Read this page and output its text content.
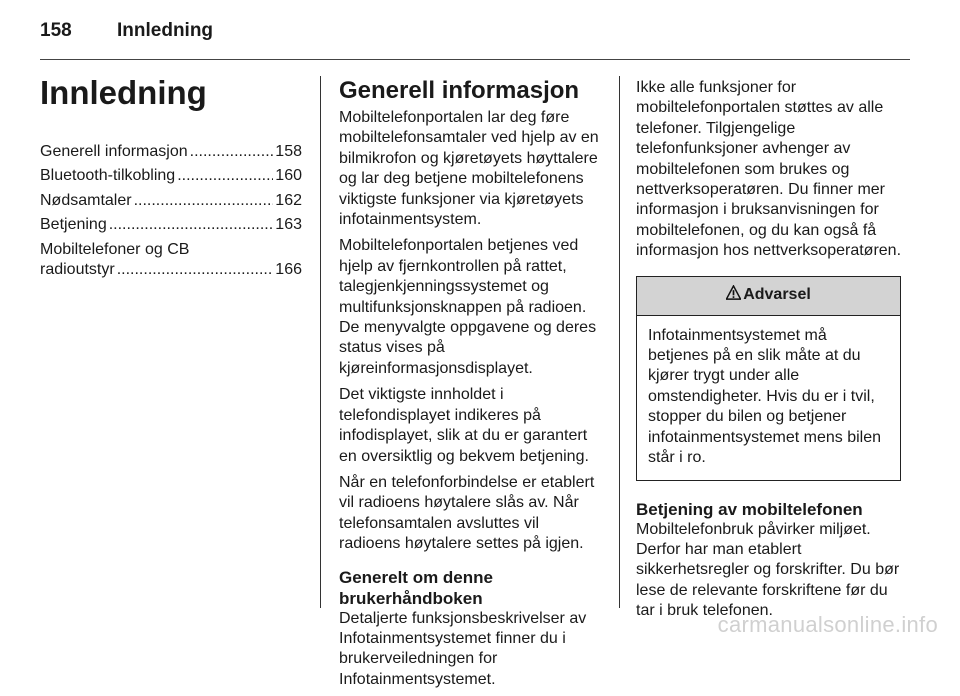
158 Innledning
Innledning
Generell informasjon .....	158
Bluetooth-tilkobling .....	160
Nødsamtaler .....	162
Betjening .....	163
Mobiltelefoner og CB
radioutstyr .....	166
Generell informasjon

Mobiltelefonportalen lar deg føre mobiltelefonsamtaler ved hjelp av en bilmikrofon og kjøretøyets høyttalere og lar deg betjene mobiltelefonens viktigste funksjoner via kjøretøyets infotainmentsystem.

Mobiltelefonportalen betjenes ved hjelp av fjernkontrollen på rattet, talegjenkjenningssystemet og multifunksjonsknappen på radioen. De menyvalgte oppgavene og deres status vises på kjøreinformasjonsdisplayet.

Det viktigste innholdet i telefondisplayet indikeres på infodisplayet, slik at du er garantert en oversiktlig og bekvem betjening.

Når en telefonforbindelse er etablert vil radioens høytalere slås av. Når telefonsamtalen avsluttes vil radioens høytalere settes på igjen.

Generelt om denne brukerhåndboken

Detaljerte funksjonsbeskrivelser av Infotainmentsystemet finner du i brukerveiledningen for Infotainmentsystemet.

Ikke alle funksjoner for mobiltelefonportalen støttes av alle telefoner. Tilgjengelige telefonfunksjoner avhenger av mobiltelefonen som brukes og nettverksoperatøren. Du finner mer informasjon i bruksanvisningen for mobiltelefonen, og du kan også få informasjon hos nettverksoperatøren.

Advarsel
Infotainmentsystemet må betjenes på en slik måte at du kjører trygt under alle omstendigheter. Hvis du er i tvil, stopper du bilen og betjener infotainmentsystemet mens bilen står i ro.
Betjening av mobiltelefonen

Mobiltelefonbruk påvirker miljøet. Derfor har man etablert sikkerhetsregler og forskrifter. Du bør lese de relevante forskriftene før du tar i bruk telefonen.

carmanualsonline.info
